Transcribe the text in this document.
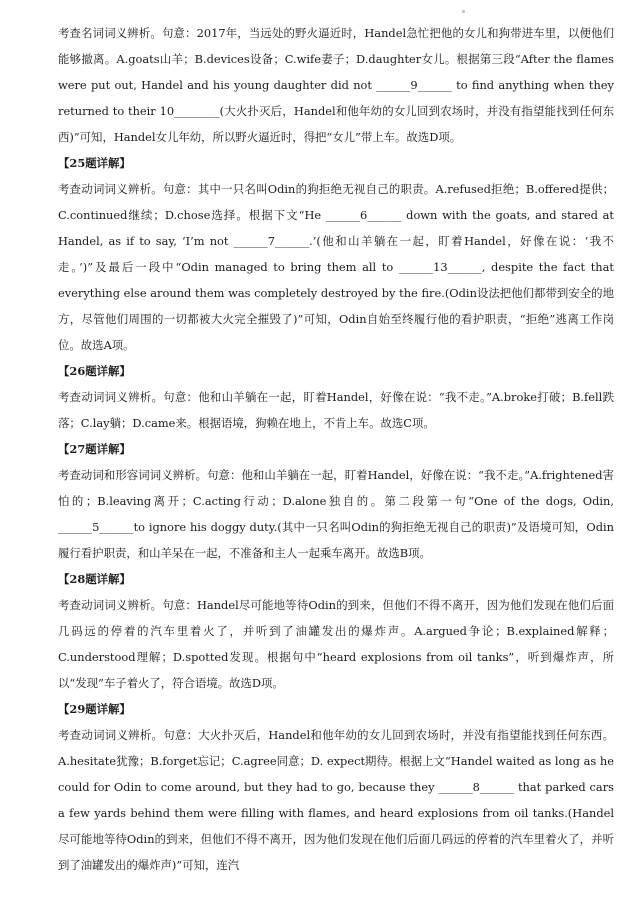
考查名词词义辨析。句意：2017年，当远处的野火逼近时，Handel急忙把他的女儿和狗带进车里，以便他们能够撤离。A.goats山羊；B.devices设备；C.wife妻子；D.daughter女儿。根据第三段“After the flames were put out, Handel and his young daughter did not ______9______ to find anything when they returned to their 10________(大火扑灭后，Handel和他年幼的女儿回到农场时，并没有指望能找到任何东西)”可知，Handel女儿年幼，所以野火逼近时，得把“女儿”带上车。故选D项。

【25题详解】

考查动词词义辨析。句意：其中一只名叫Odin的狗拒绝无视自己的职责。A.refused拒绝；B.offered提供；C.continued继续；D.chose选择。根据下文“He ______6______ down with the goats, and stared at Handel, as if to say, ‘I’m not ______7______.’(他和山羊躺在一起，盯着Handel，好像在说：‘我不走。’)”及最后一段中“Odin managed to bring them all to ______13______, despite the fact that everything else around them was completely destroyed by the fire.(Odin设法把他们都带到安全的地方，尽管他们周围的一切都被大火完全摧毁了)”可知，Odin自始至终履行他的看护职责，“拒绝”逃离工作岗位。故选A项。

【26题详解】

考查动词词义辨析。句意：他和山羊躺在一起，盯着Handel，好像在说：“我不走。”A.broke打破；B.fell跌落；C.lay躺；D.came来。根据语境，狗赖在地上，不肯上车。故选C项。

【27题详解】

考查动词和形容词词义辨析。句意：他和山羊躺在一起，盯着Handel，好像在说：“我不走。”A.frightened害怕的；B.leaving离开；C.acting行动；D.alone独自的。第二段第一句“One of the dogs, Odin, ______5______to ignore his doggy duty.(其中一只名叫Odin的狗拒绝无视自己的职责)”及语境可知，Odin履行看护职责，和山羊呆在一起，不准备和主人一起乘车离开。故选B项。

【28题详解】

考查动词词义辨析。句意：Handel尽可能地等待Odin的到来，但他们不得不离开，因为他们发现在他们后面几码远的停着的汽车里着火了，并听到了油罐发出的爆炸声。A.argued争论；B.explained解释；C.understood理解；D.spotted发现。根据句中“heard explosions from oil tanks”，听到爆炸声，所以“发现”车子着火了，符合语境。故选D项。

【29题详解】

考查动词词义辨析。句意：大火扑灭后，Handel和他年幼的女儿回到农场时，并没有指望能找到任何东西。A.hesitate犹豫；B.forget忘记；C.agree同意；D. expect期待。根据上文“Handel waited as long as he could for Odin to come around, but they had to go, because they ______8______ that parked cars a few yards behind them were filling with flames, and heard explosions from oil tanks.(Handel尽可能地等待Odin的到来，但他们不得不离开，因为他们发现在他们后面几码远的停着的汽车里着火了，并听到了油罐发出的爆炸声)”可知，连汽
